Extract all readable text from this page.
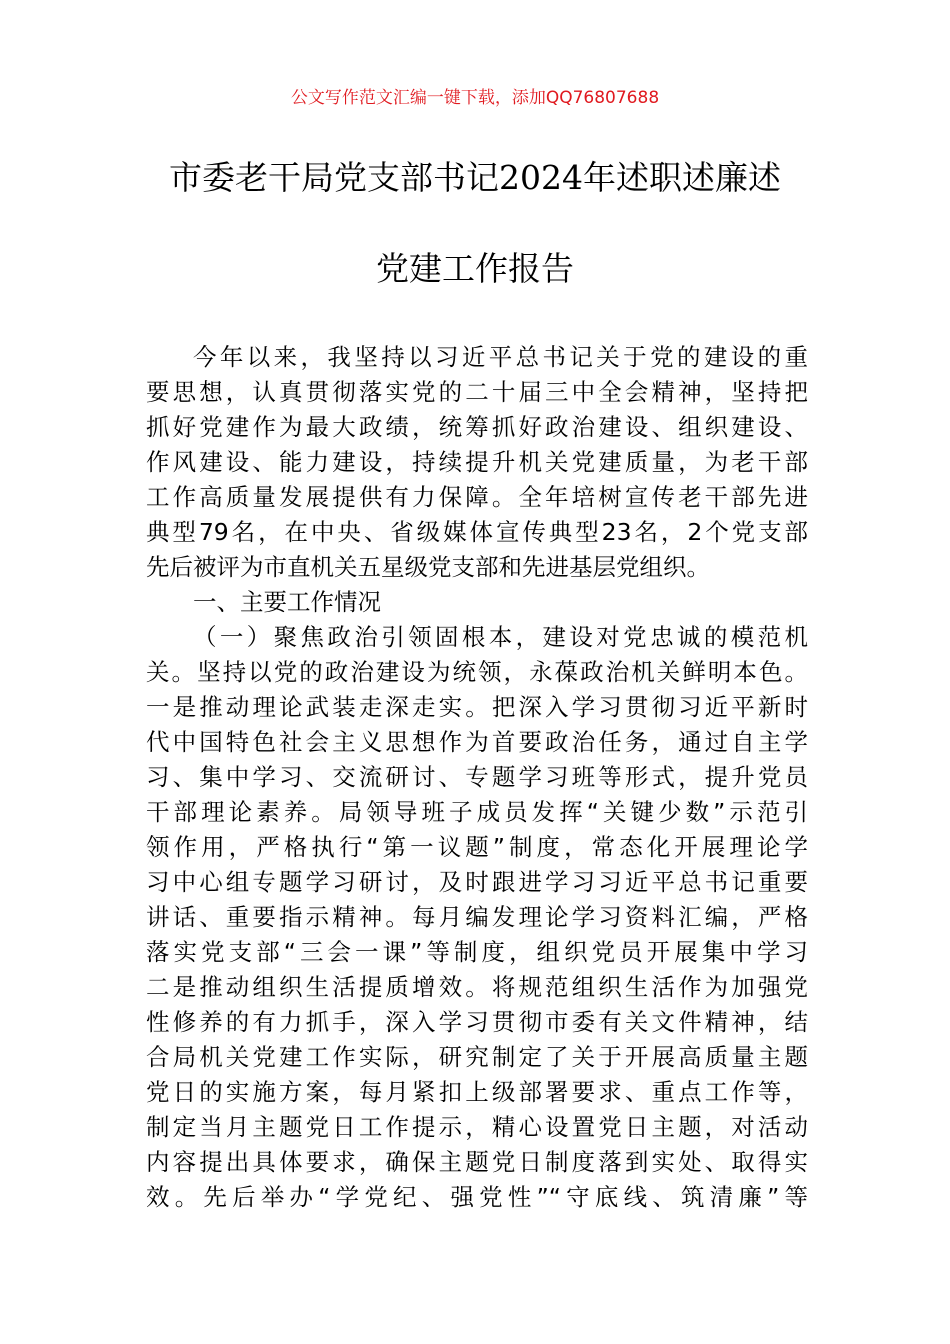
公文写作范文汇编一键下载，添加QQ76807688
市委老干局党支部书记2024年述职述廉述
党建工作报告
今年以来，我坚持以习近平总书记关于党的建设的重
要思想，认真贯彻落实党的二十届三中全会精神，坚持把
抓好党建作为最大政绩，统筹抓好政治建设、组织建设、
作风建设、能力建设，持续提升机关党建质量，为老干部
工作高质量发展提供有力保障。全年培树宣传老干部先进
典型79名，在中央、省级媒体宣传典型23名，2个党支部
先后被评为市直机关五星级党支部和先进基层党组织。
一、主要工作情况
（一）聚焦政治引领固根本，建设对党忠诚的模范机
关。坚持以党的政治建设为统领，永葆政治机关鲜明本色。
一是推动理论武装走深走实。把深入学习贯彻习近平新时
代中国特色社会主义思想作为首要政治任务，通过自主学
习、集中学习、交流研讨、专题学习班等形式，提升党员
干部理论素养。局领导班子成员发挥“关键少数”示范引
领作用，严格执行“第一议题”制度，常态化开展理论学
习中心组专题学习研讨，及时跟进学习习近平总书记重要
讲话、重要指示精神。每月编发理论学习资料汇编，严格
落实党支部“三会一课”等制度，组织党员开展集中学习
二是推动组织生活提质增效。将规范组织生活作为加强党
性修养的有力抓手，深入学习贯彻市委有关文件精神，结
合局机关党建工作实际，研究制定了关于开展高质量主题
党日的实施方案，每月紧扣上级部署要求、重点工作等，
制定当月主题党日工作提示，精心设置党日主题，对活动
内容提出具体要求，确保主题党日制度落到实处、取得实
效。先后举办“学党纪、强党性”“守底线、筑清廉”等
